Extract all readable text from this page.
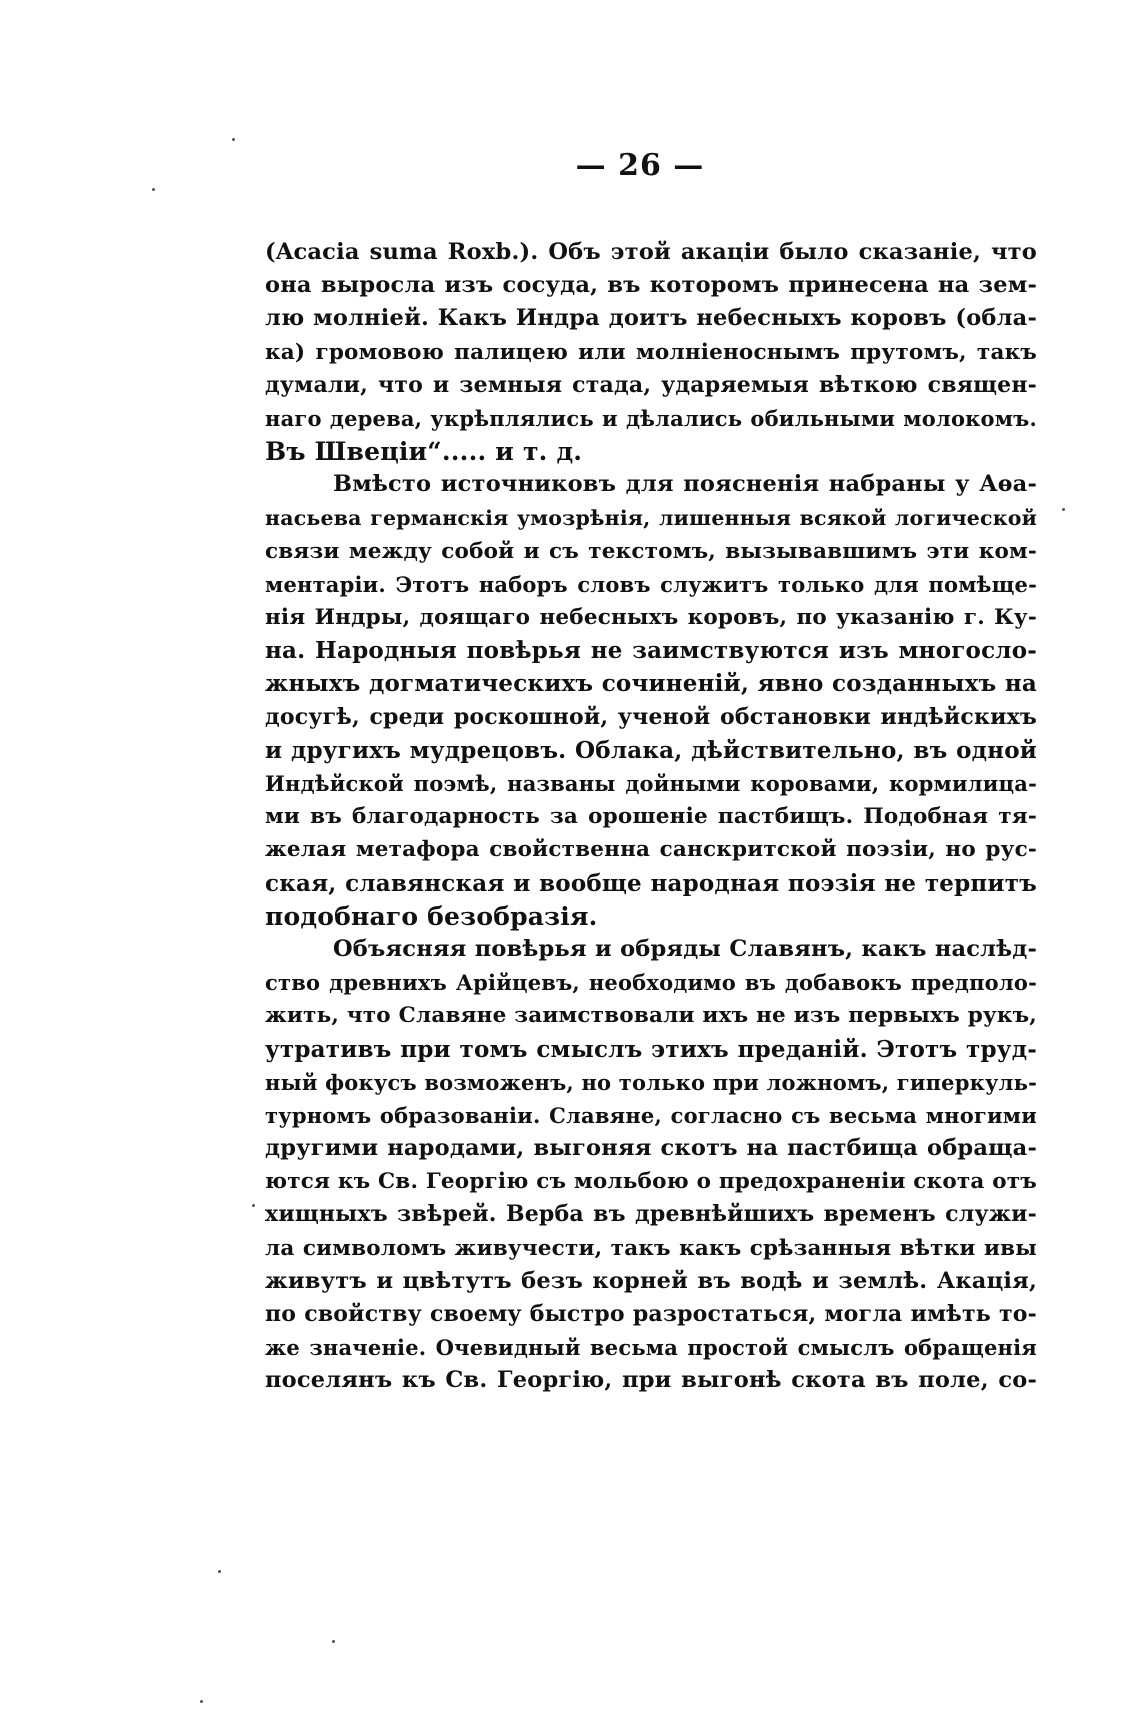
— 26 —
(Acacia suma Roxb.). Объ этой акацiи было сказанiе, что
она выросла изъ сосуда, въ которомъ принесена на зем-
лю молнiей. Какъ Индра доитъ небесныхъ коровъ (обла-
ка) громовою палицею или молнiеноснымъ прутомъ, такъ
думали, что и земныя стада, ударяемыя вѣткою священ-
наго дерева, укрѣплялись и дѣлались обильными молокомъ.
Въ Швецiи“..... и т. д.
Вмѣсто источниковъ для поясненiя набраны у Аѳа-
насьева германскiя умозрѣнiя, лишенныя всякой логической
связи между собой и съ текстомъ, вызывавшимъ эти ком-
ментарiи. Этотъ наборъ словъ служитъ только для помѣще-
нiя Индры, доящаго небесныхъ коровъ, по указанiю г. Ку-
на. Народныя повѣрья не заимствуются изъ многосло-
жныхъ догматическихъ сочиненiй, явно созданныхъ на
досугѣ, среди роскошной, ученой обстановки индѣйскихъ
и другихъ мудрецовъ. Облака, дѣйствительно, въ одной
Индѣйской поэмѣ, названы дойными коровами, кормилица-
ми въ благодарность за орошенiе пастбищъ. Подобная тя-
желая метафора свойственна санскритской поэзiи, но рус-
ская, славянская и вообще народная поэзiя не терпитъ
подобнаго безобразiя.
Объясняя повѣрья и обряды Славянъ, какъ наслѣд-
ство древнихъ Арiйцевъ, необходимо въ добавокъ предполо-
жить, что Славяне заимствовали ихъ не изъ первыхъ рукъ,
утративъ при томъ смыслъ этихъ преданiй. Этотъ труд-
ный фокусъ возможенъ, но только при ложномъ, гиперкуль-
турномъ образованiи. Славяне, согласно съ весьма многими
другими народами, выгоняя скотъ на пастбища обраща-
ются къ Св. Георгiю съ мольбою о предохраненiи скота отъ
хищныхъ звѣрей. Верба въ древнѣйшихъ временъ служи-
ла символомъ живучести, такъ какъ срѣзанныя вѣтки ивы
живутъ и цвѣтутъ безъ корней въ водѣ и землѣ. Акацiя,
по свойству своему быстро разростаться, могла имѣть то-
же значенiе. Очевидный весьма простой смыслъ обращенiя
поселянъ къ Св. Георгiю, при выгонѣ скота въ поле, со-
